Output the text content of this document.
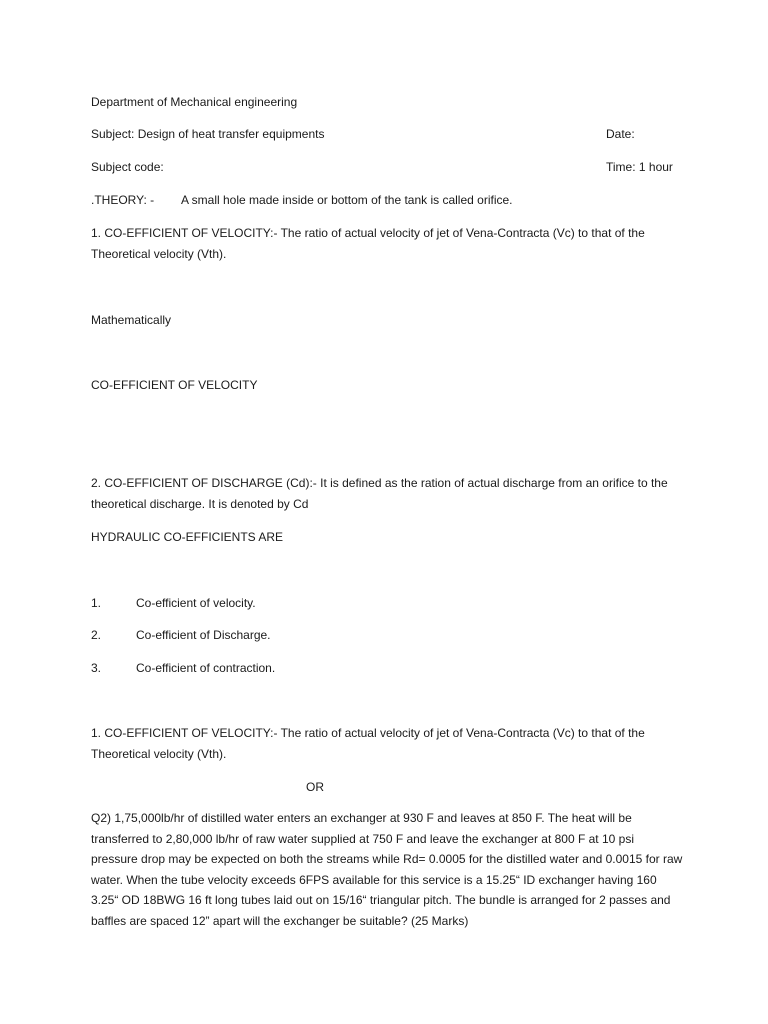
Department of Mechanical engineering
Subject: Design of heat transfer equipments	Date:
Subject code:	Time: 1 hour
.THEORY: - A small hole made inside or bottom of the tank is called orifice.
1. CO-EFFICIENT OF VELOCITY:- The ratio of actual velocity of jet of Vena-Contracta (Vc) to that of the Theoretical velocity (Vth).
Mathematically
CO-EFFICIENT OF VELOCITY
2. CO-EFFICIENT OF DISCHARGE (Cd):- It is defined as the ration of actual discharge from an orifice to the theoretical discharge. It is denoted by Cd
HYDRAULIC CO-EFFICIENTS ARE
1.	Co-efficient of velocity.
2.	Co-efficient of Discharge.
3.	Co-efficient of contraction.
1. CO-EFFICIENT OF VELOCITY:- The ratio of actual velocity of jet of Vena-Contracta (Vc) to that of the Theoretical velocity (Vth).
OR
Q2) 1,75,000lb/hr of distilled water enters an exchanger at 930 F and leaves at 850 F. The heat will be transferred to 2,80,000 lb/hr of raw water supplied at 750 F and leave the exchanger at 800 F at 10 psi pressure drop may be expected on both the streams while Rd= 0.0005 for the distilled water and 0.0015 for raw water. When the tube velocity exceeds 6FPS available for this service is a 15.25“ ID exchanger having 160 3.25“ OD 18BWG 16 ft long tubes laid out on 15/16“ triangular pitch. The bundle is arranged for 2 passes and baffles are spaced 12” apart will the exchanger be suitable? (25 Marks)
